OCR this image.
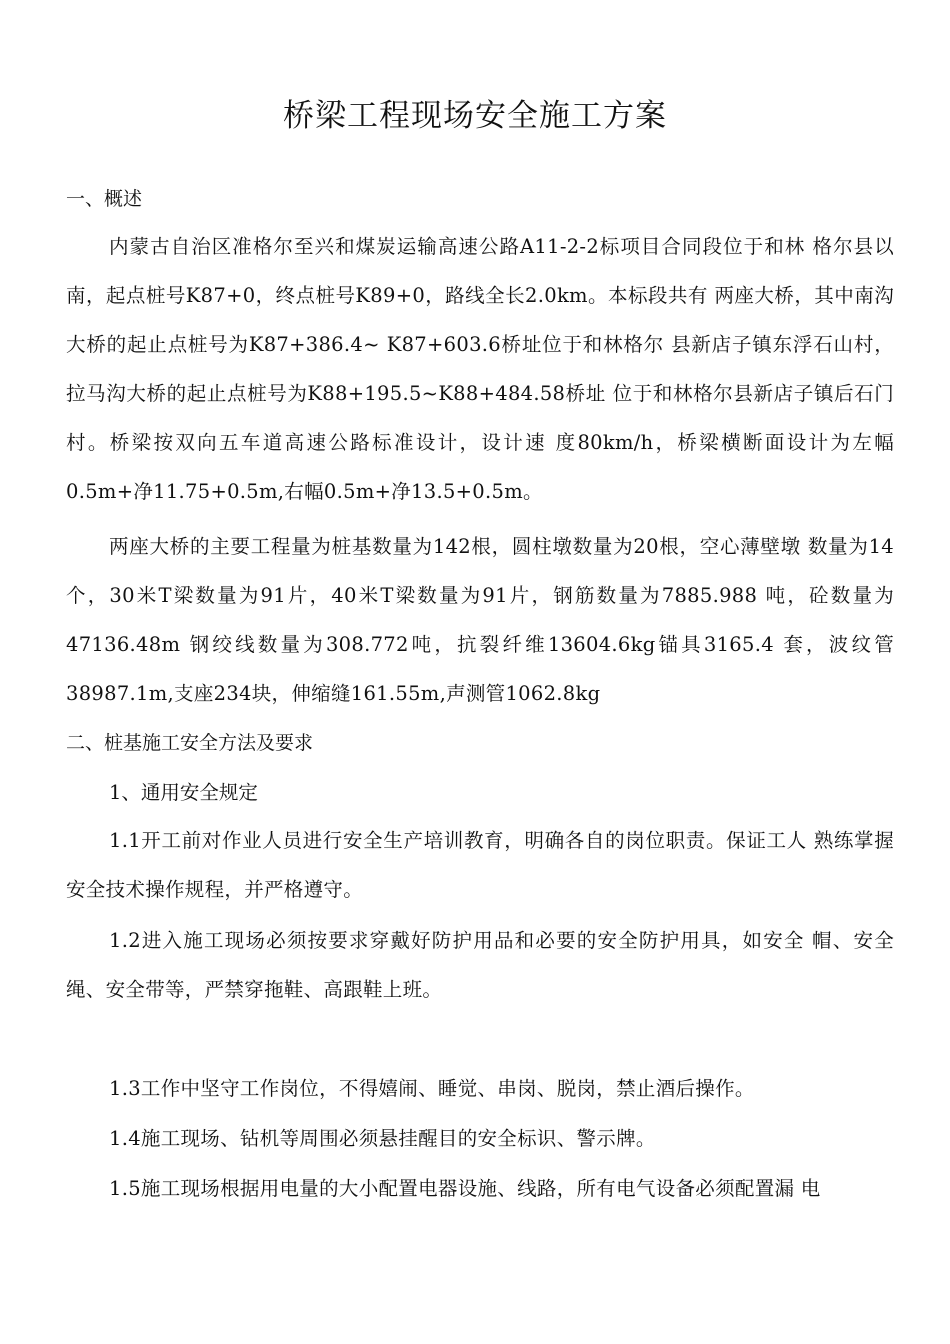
桥梁工程现场安全施工方案
一、概述

内蒙古自治区准格尔至兴和煤炭运输高速公路A11-2-2标项目合同段位于和林 格尔县以南，起点桩号K87+0，终点桩号K89+0，路线全长2.0km。本标段共有 两座大桥，其中南沟大桥的起止点桩号为K87+386.4~ K87+603.6桥址位于和林格尔 县新店子镇东浮石山村，拉马沟大桥的起止点桩号为K88+195.5~K88+484.58桥址 位于和林格尔县新店子镇后石门村。桥梁按双向五车道高速公路标准设计，设计速 度80km/h，桥梁横断面设计为左幅0.5m+净11.75+0.5m,右幅0.5m+净13.5+0.5m。

两座大桥的主要工程量为桩基数量为142根，圆柱墩数量为20根，空心薄壁墩 数量为14个，30米T梁数量为91片，40米T梁数量为91片，钢筋数量为7885.988 吨，砼数量为47136.48m 钢绞线数量为308.772吨，抗裂纤维13604.6kg锚具3165.4 套，波纹管38987.1m,支座234块，伸缩缝161.55m,声测管1062.8kg

二、桩基施工安全方法及要求

1、通用安全规定

1.1开工前对作业人员进行安全生产培训教育，明确各自的岗位职责。保证工人 熟练掌握安全技术操作规程，并严格遵守。

1.2进入施工现场必须按要求穿戴好防护用品和必要的安全防护用具，如安全 帽、安全绳、安全带等，严禁穿拖鞋、高跟鞋上班。

1.3工作中坚守工作岗位，不得嬉闹、睡觉、串岗、脱岗，禁止酒后操作。

1.4施工现场、钻机等周围必须悬挂醒目的安全标识、警示牌。

1.5施工现场根据用电量的大小配置电器设施、线路，所有电气设备必须配置漏 电
